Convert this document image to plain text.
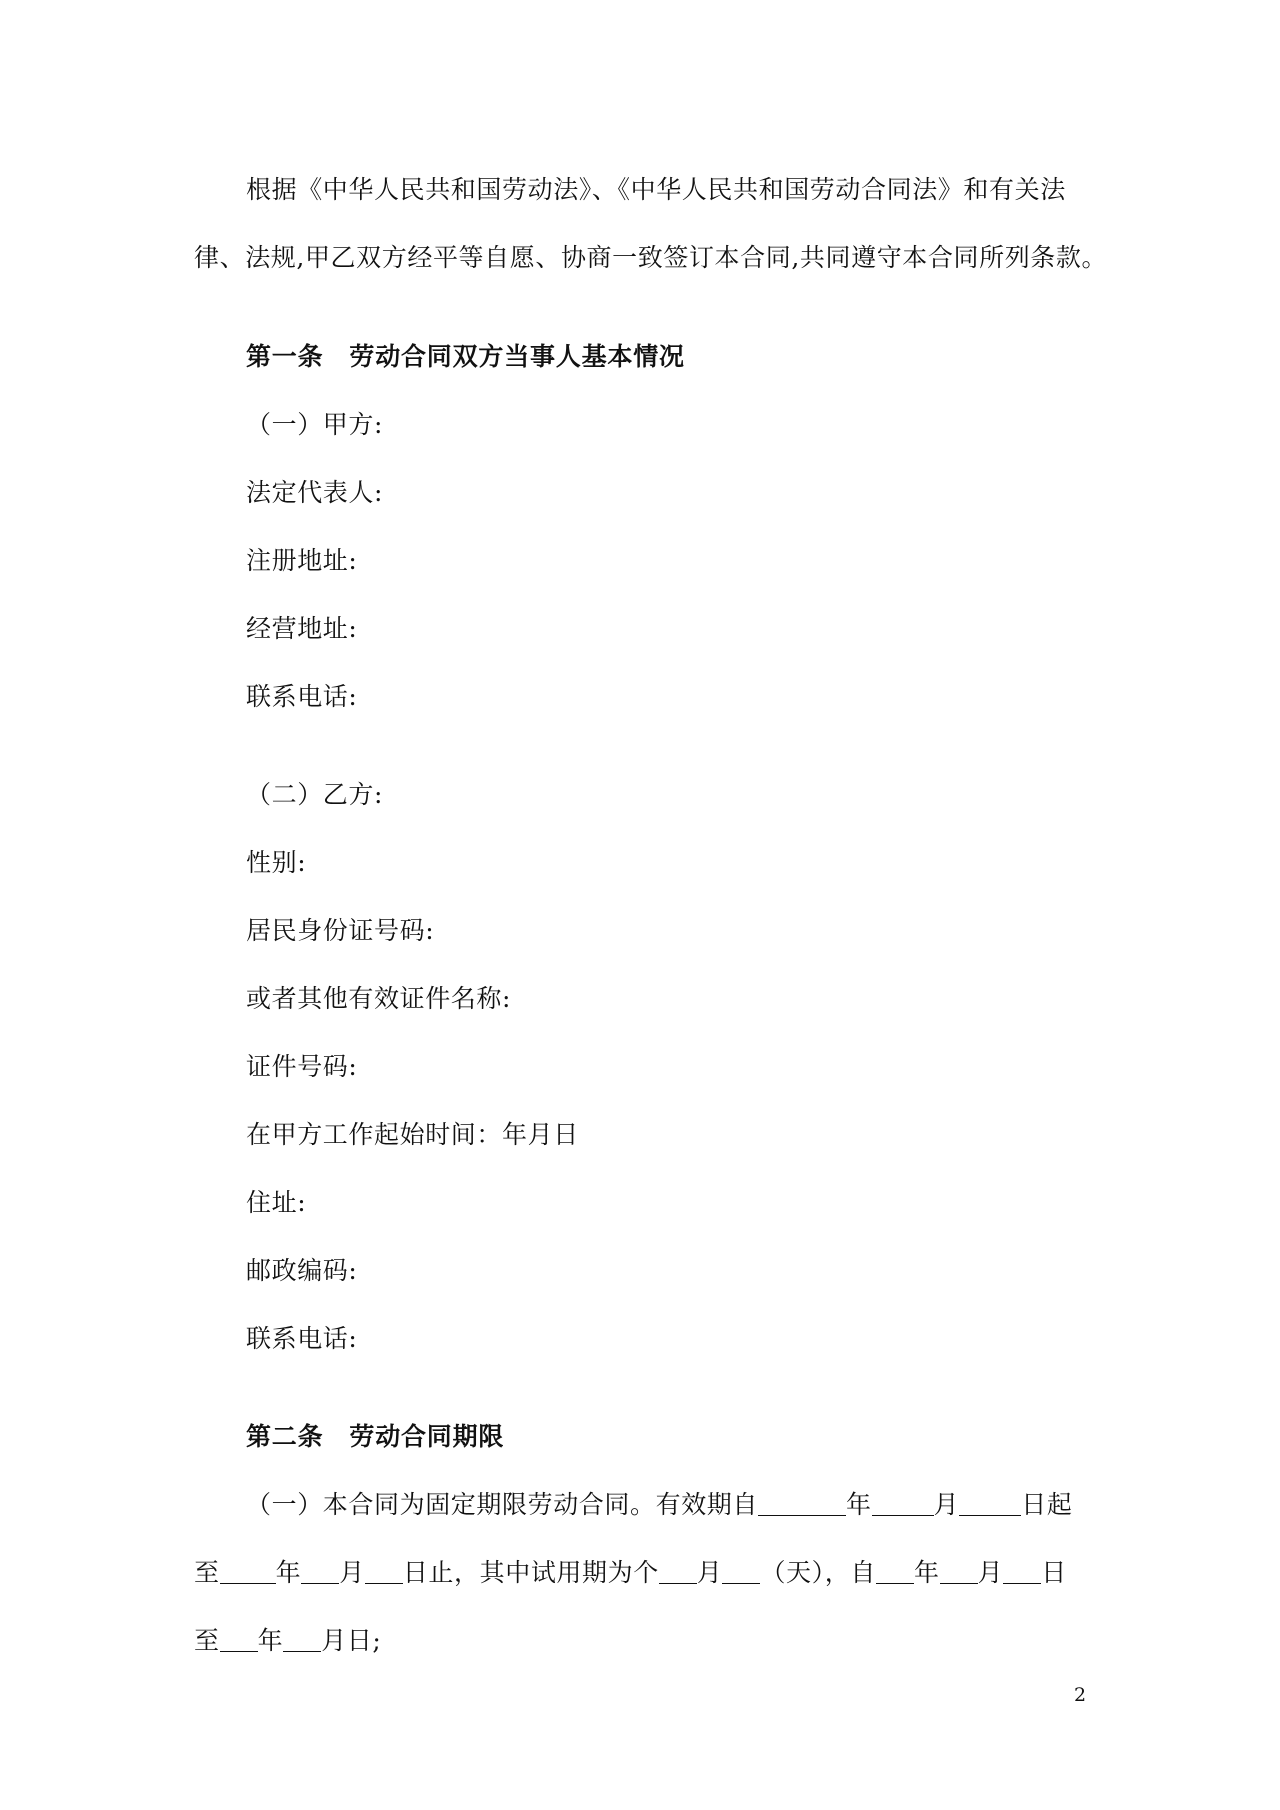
根据《中华人民共和国劳动法》、《中华人民共和国劳动合同法》和有关法
律、法规,甲乙双方经平等自愿、协商一致签订本合同,共同遵守本合同所列条款。
第一条 劳动合同双方当事人基本情况
（一）甲方:
法定代表人:
注册地址:
经营地址:
联系电话:
（二）乙方:
性别:
居民身份证号码:
或者其他有效证件名称:
证件号码:
在甲方工作起始时间：年月日
住址:
邮政编码:
联系电话:
第二条 劳动合同期限
（一）本合同为固定期限劳动合同。有效期自	年 月 日起
至 年 月 日止，其中试用期为个 月 （天），自 年 月 日
至 年 月日;
2
